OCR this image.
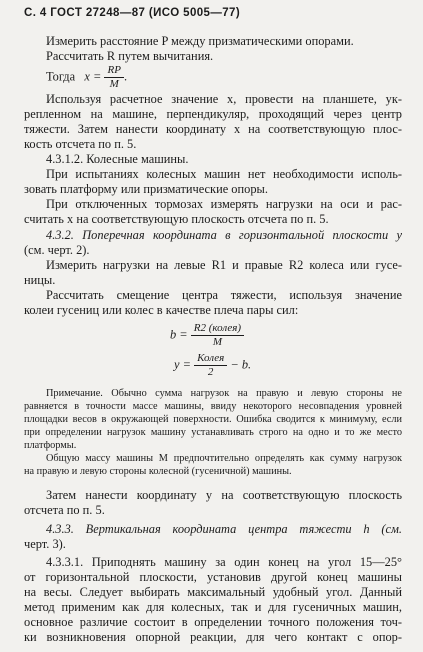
С. 4 ГОСТ 27248—87 (ИСО 5005—77)
Измерить расстояние P между призматическими опорами.
Рассчитать R путем вычитания.
Тогда $x = \frac{RP}{M}$ .
Используя расчетное значение x, провести на планшете, ук-
репленном на машине, перпендикуляр, проходящий через центр
тяжести. Затем нанести координату x на соответствующую плос-
кость отсчета по п. 5.
4.3.1.2. Колесные машины.
При испытаниях колесных машин нет необходимости исполь-
зовать платформу или призматические опоры.
При отключенных тормозах измерять нагрузки на оси и рас-
считать x на соответствующую плоскость отсчета по п. 5.
4.3.2. Поперечная координата в горизонтальной плоскости y
(см. черт. 2).
Измерить нагрузки на левые R1 и правые R2 колеса или гусе-
ницы.
Рассчитать смещение центра тяжести, используя значение
колеи гусениц или колес в качестве плеча пары сил:
$b = \frac{\text{R2 (колея)}}{M}$
$y = \frac{\text{Колея}}{2} - b$.
Примечание. Обычно сумма нагрузок на правую и левую стороны не
равняется в точности массе машины, ввиду некоторого несовпадения уровней
площадки весов в окружающей поверхности. Ошибка сводится к минимуму, если
при определении нагрузок машину устанавливать строго на одно и то же место
платформы.
Общую массу машины M предпочтительно определять как сумму нагрузок
на правую и левую стороны колесной (гусеничной) машины.
Затем нанести координату y на соответствующую плоскость
отсчета по п. 5.
4.3.3. Вертикальная координата центра тяжести h (см.
черт. 3).
4.3.3.1. Приподнять машину за один конец на угол 15—25°
от горизонтальной плоскости, установив другой конец машины
на весы. Следует выбирать максимальный удобный угол. Данный
метод применим как для колесных, так и для гусеничных машин,
основное различие состоит в определении точного положения точ-
ки возникновения опорной реакции, для чего контакт с опор-
